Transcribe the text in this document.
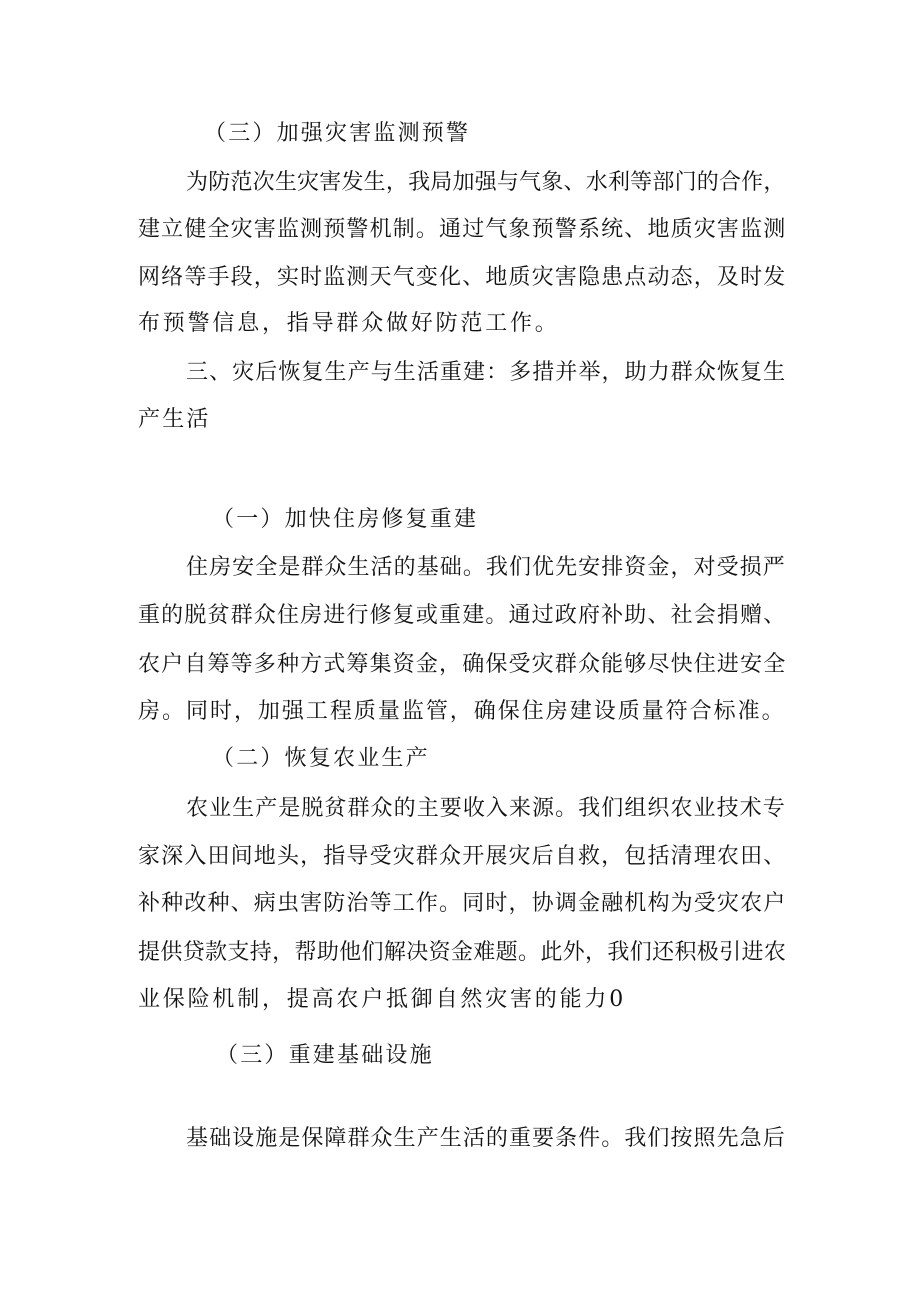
（三）加强灾害监测预警

为防范次生灾害发生，我局加强与气象、水利等部门的合作，

建立健全灾害监测预警机制。通过气象预警系统、地质灾害监测

网络等手段，实时监测天气变化、地质灾害隐患点动态，及时发

布预警信息，指导群众做好防范工作。

三、灾后恢复生产与生活重建：多措并举，助力群众恢复生

产生活

（一）加快住房修复重建

住房安全是群众生活的基础。我们优先安排资金，对受损严

重的脱贫群众住房进行修复或重建。通过政府补助、社会捐赠、

农户自筹等多种方式筹集资金，确保受灾群众能够尽快住进安全

房。同时，加强工程质量监管，确保住房建设质量符合标准。

（二）恢复农业生产

农业生产是脱贫群众的主要收入来源。我们组织农业技术专

家深入田间地头，指导受灾群众开展灾后自救，包括清理农田、

补种改种、病虫害防治等工作。同时，协调金融机构为受灾农户

提供贷款支持，帮助他们解决资金难题。此外，我们还积极引进农

业保险机制，提高农户抵御自然灾害的能力0

（三）重建基础设施

基础设施是保障群众生产生活的重要条件。我们按照先急后
